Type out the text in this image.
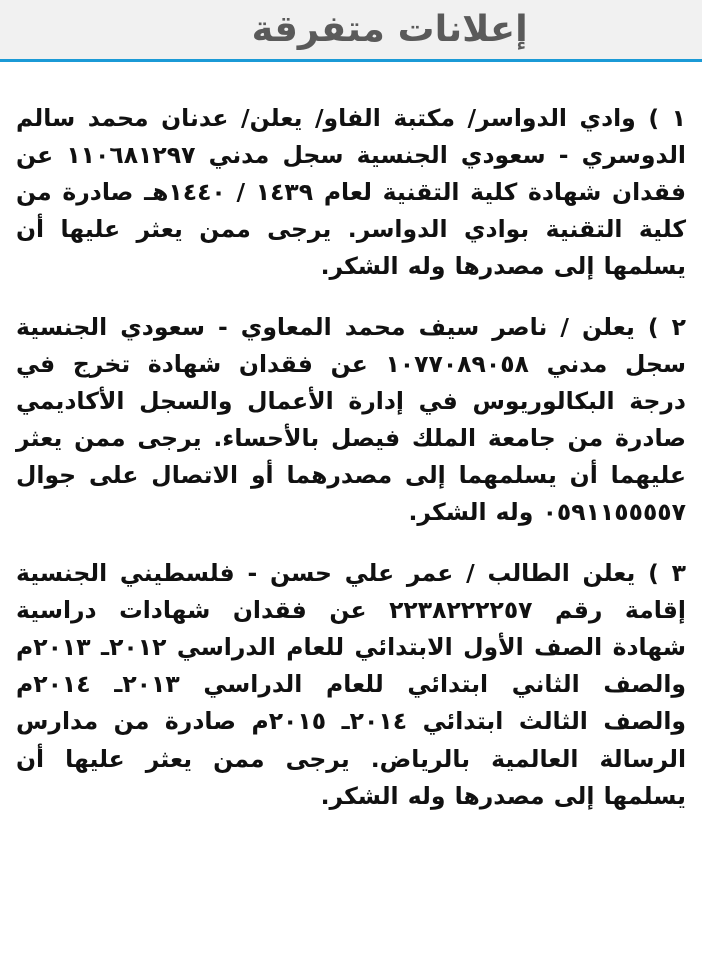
إعلانات متفرقة

١ ) وادي الدواسر/ مكتبة الفاو/ يعلن/ عدنان محمد سالم الدوسري - سعودي الجنسية سجل مدني ١١٠٦٨١٢٩٧ عن فقدان شهادة كلية التقنية لعام ١٤٣٩ / ١٤٤٠هـ صادرة من كلية التقنية بوادي الدواسر. يرجى ممن يعثر عليها أن يسلمها إلى مصدرها وله الشكر.

٢ ) يعلن / ناصر سيف محمد المعاوي - سعودي الجنسية سجل مدني ١٠٧٧٠٨٩٠٥٨ عن فقدان شهادة تخرج في درجة البكالوريوس في إدارة الأعمال والسجل الأكاديمي صادرة من جامعة الملك فيصل بالأحساء. يرجى ممن يعثر عليهما أن يسلمهما إلى مصدرهما أو الاتصال على جوال ٠٥٩١١٥٥٥٥٧ وله الشكر.

٣ ) يعلن الطالب / عمر علي حسن - فلسطيني الجنسية إقامة رقم ٢٢٣٨٢٢٢٢٥٧ عن فقدان شهادات دراسية شهادة الصف الأول الابتدائي للعام الدراسي ٢٠١٢ـ ٢٠١٣م والصف الثاني ابتدائي للعام الدراسي ٢٠١٣ـ ٢٠١٤م والصف الثالث ابتدائي ٢٠١٤ـ ٢٠١٥م صادرة من مدارس الرسالة العالمية بالرياض. يرجى ممن يعثر عليها أن يسلمها إلى مصدرها وله الشكر.
